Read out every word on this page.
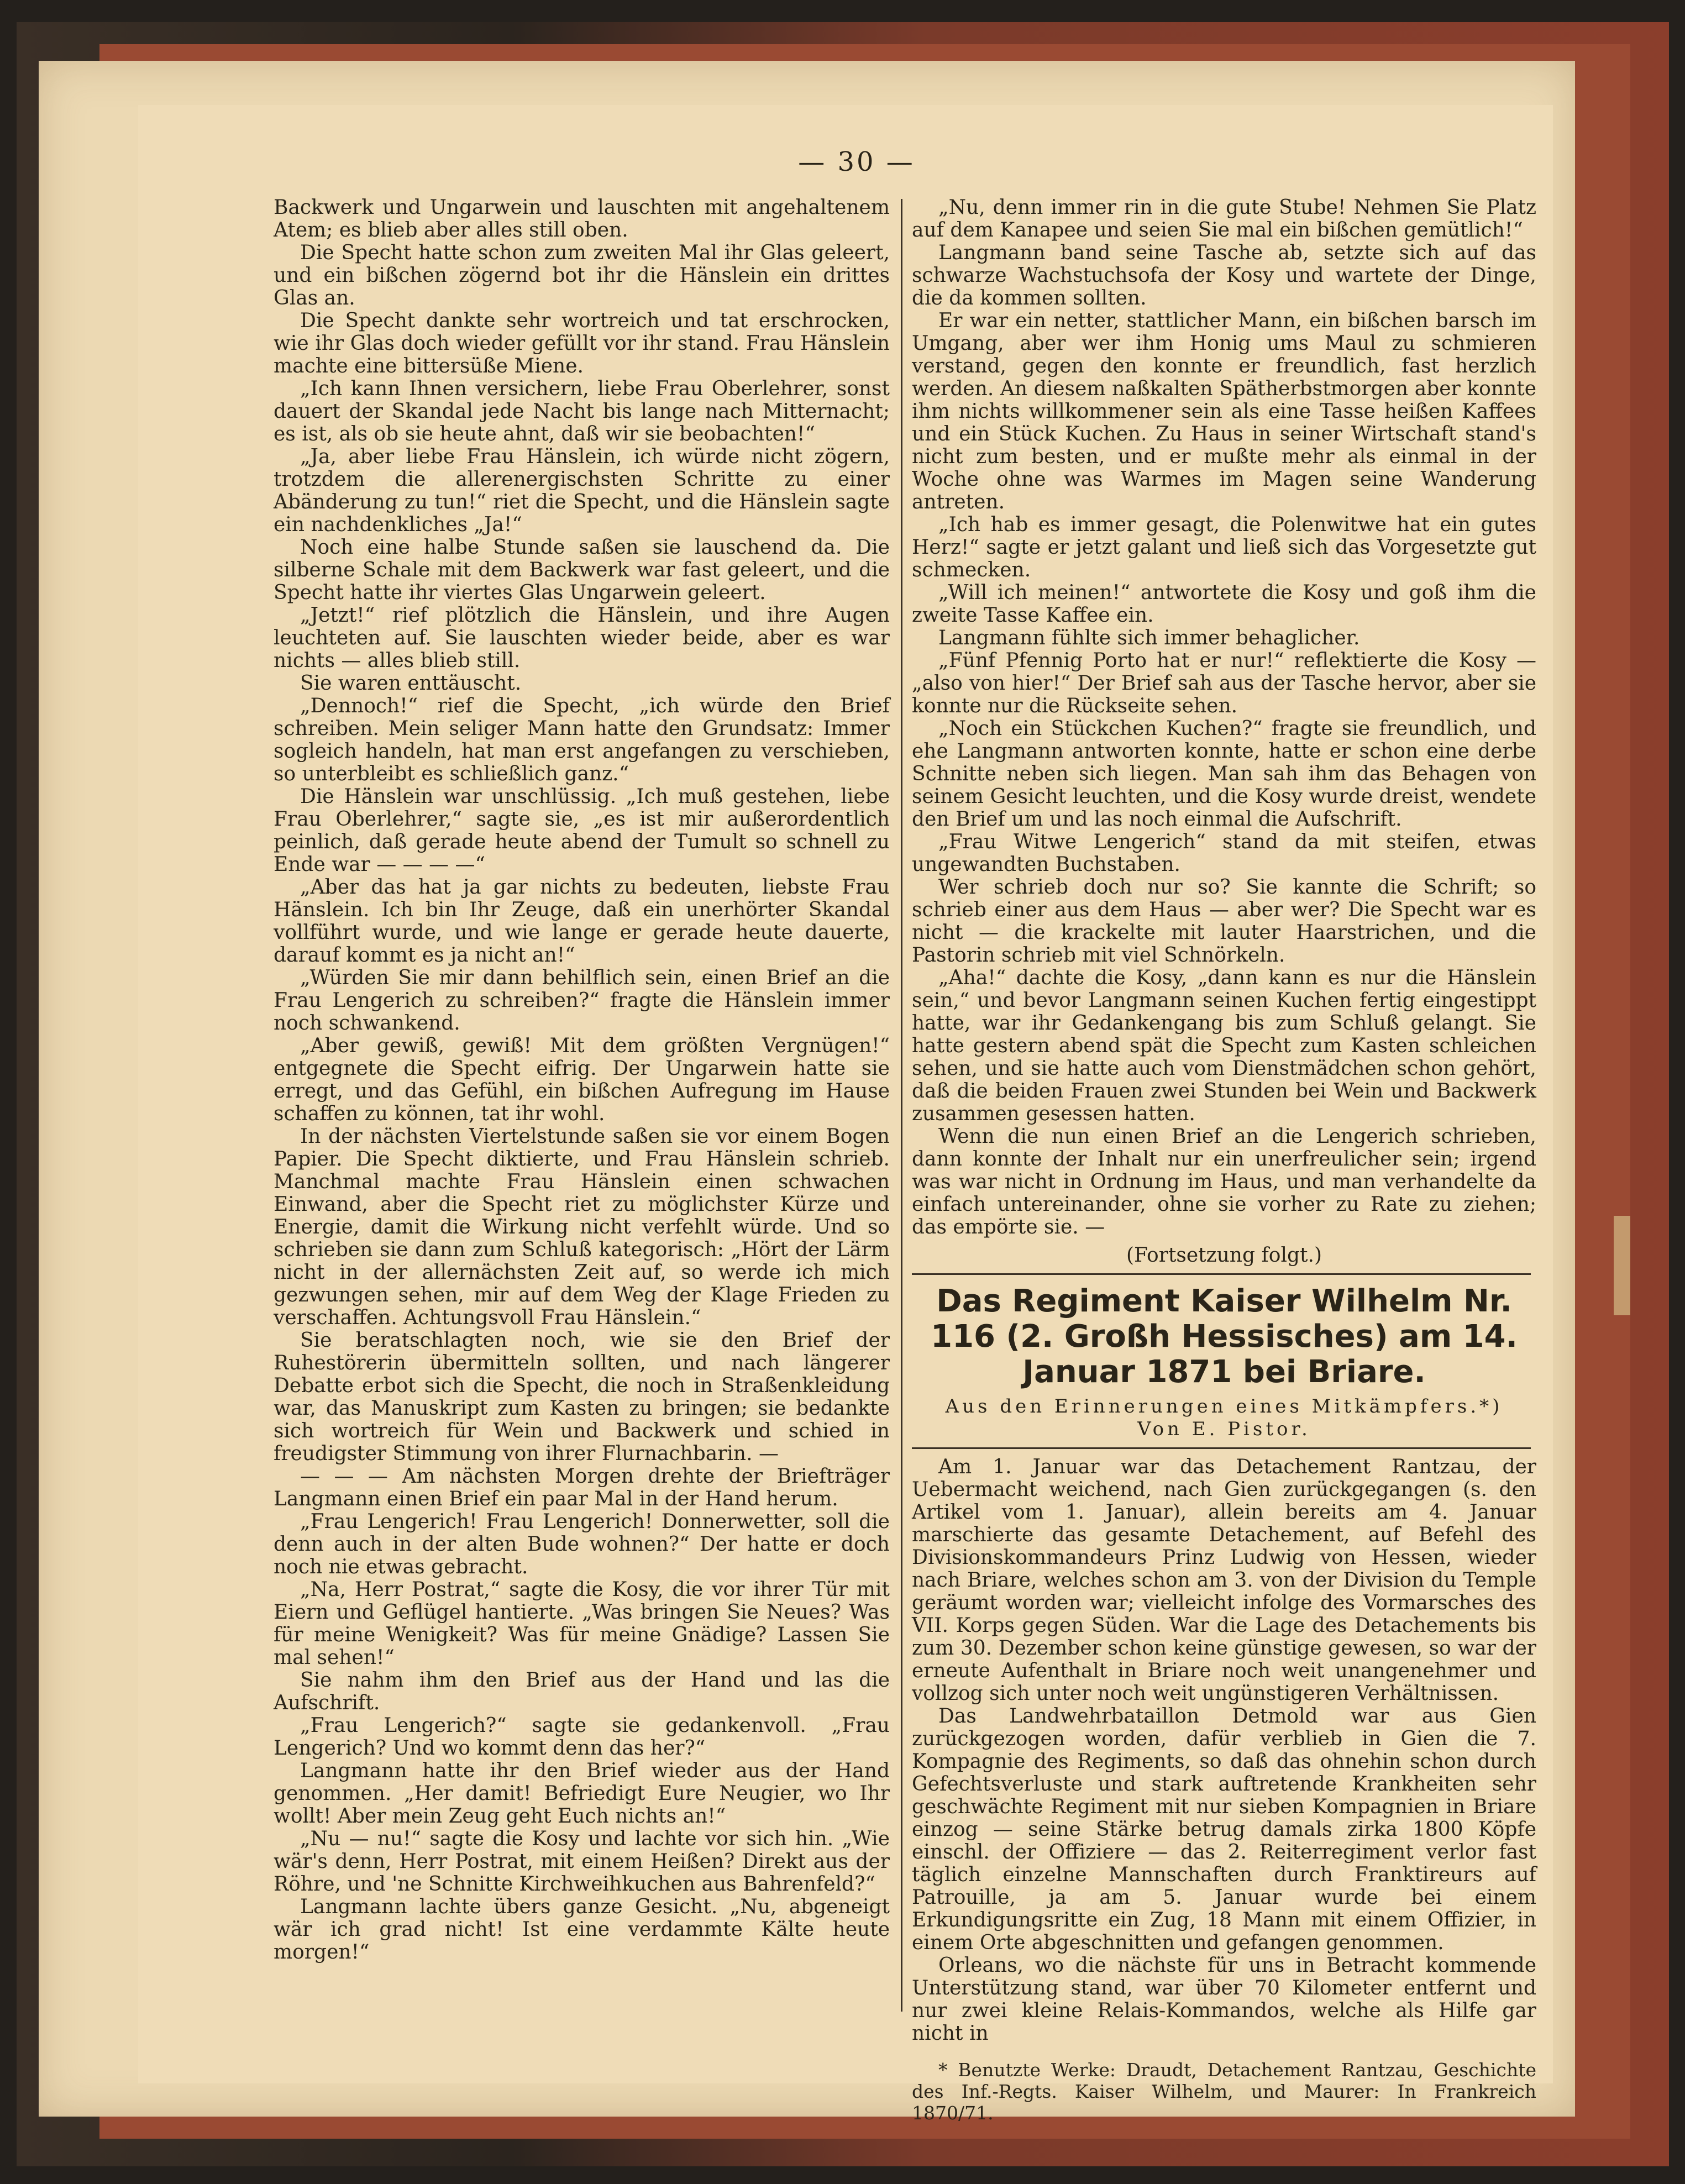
— 30 —

Backwerk und Ungarwein und lauschten mit angehaltenem Atem; es blieb aber alles still oben.

Die Specht hatte schon zum zweiten Mal ihr Glas geleert, und ein bißchen zögernd bot ihr die Hänslein ein drittes Glas an.

Die Specht dankte sehr wortreich und tat erschrocken, wie ihr Glas doch wieder gefüllt vor ihr stand. Frau Hänslein machte eine bittersüße Miene.

„Ich kann Ihnen versichern, liebe Frau Oberlehrer, sonst dauert der Skandal jede Nacht bis lange nach Mitternacht; es ist, als ob sie heute ahnt, daß wir sie beobachten!“

„Ja, aber liebe Frau Hänslein, ich würde nicht zögern, trotzdem die allerenergischsten Schritte zu einer Abänderung zu tun!“ riet die Specht, und die Hänslein sagte ein nachdenkliches „Ja!“

Noch eine halbe Stunde saßen sie lauschend da. Die silberne Schale mit dem Backwerk war fast geleert, und die Specht hatte ihr viertes Glas Ungarwein geleert.

„Jetzt!“ rief plötzlich die Hänslein, und ihre Augen leuchteten auf. Sie lauschten wieder beide, aber es war nichts — alles blieb still.

Sie waren enttäuscht.

„Dennoch!“ rief die Specht, „ich würde den Brief schreiben. Mein seliger Mann hatte den Grundsatz: Immer sogleich handeln, hat man erst angefangen zu verschieben, so unterbleibt es schließlich ganz.“

Die Hänslein war unschlüssig. „Ich muß gestehen, liebe Frau Oberlehrer,“ sagte sie, „es ist mir außerordentlich peinlich, daß gerade heute abend der Tumult so schnell zu Ende war — — — —“

„Aber das hat ja gar nichts zu bedeuten, liebste Frau Hänslein. Ich bin Ihr Zeuge, daß ein unerhörter Skandal vollführt wurde, und wie lange er gerade heute dauerte, darauf kommt es ja nicht an!“

„Würden Sie mir dann behilflich sein, einen Brief an die Frau Lengerich zu schreiben?“ fragte die Hänslein immer noch schwankend.

„Aber gewiß, gewiß! Mit dem größten Vergnügen!“ entgegnete die Specht eifrig. Der Ungarwein hatte sie erregt, und das Gefühl, ein bißchen Aufregung im Hause schaffen zu können, tat ihr wohl.

In der nächsten Viertelstunde saßen sie vor einem Bogen Papier. Die Specht diktierte, und Frau Hänslein schrieb. Manchmal machte Frau Hänslein einen schwachen Einwand, aber die Specht riet zu möglichster Kürze und Energie, damit die Wirkung nicht verfehlt würde. Und so schrieben sie dann zum Schluß kategorisch: „Hört der Lärm nicht in der allernächsten Zeit auf, so werde ich mich gezwungen sehen, mir auf dem Weg der Klage Frieden zu verschaffen. Achtungsvoll Frau Hänslein.“

Sie beratschlagten noch, wie sie den Brief der Ruhestörerin übermitteln sollten, und nach längerer Debatte erbot sich die Specht, die noch in Straßenkleidung war, das Manuskript zum Kasten zu bringen; sie bedankte sich wortreich für Wein und Backwerk und schied in freudigster Stimmung von ihrer Flurnachbarin. —

— — — Am nächsten Morgen drehte der Briefträger Langmann einen Brief ein paar Mal in der Hand herum.

„Frau Lengerich! Frau Lengerich! Donnerwetter, soll die denn auch in der alten Bude wohnen?“ Der hatte er doch noch nie etwas gebracht.

„Na, Herr Postrat,“ sagte die Kosy, die vor ihrer Tür mit Eiern und Geflügel hantierte. „Was bringen Sie Neues? Was für meine Wenigkeit? Was für meine Gnädige? Lassen Sie mal sehen!“

Sie nahm ihm den Brief aus der Hand und las die Aufschrift.

„Frau Lengerich?“ sagte sie gedankenvoll. „Frau Lengerich? Und wo kommt denn das her?“

Langmann hatte ihr den Brief wieder aus der Hand genommen. „Her damit! Befriedigt Eure Neugier, wo Ihr wollt! Aber mein Zeug geht Euch nichts an!“

„Nu — nu!“ sagte die Kosy und lachte vor sich hin. „Wie wär's denn, Herr Postrat, mit einem Heißen? Direkt aus der Röhre, und 'ne Schnitte Kirchweihkuchen aus Bahrenfeld?“

Langmann lachte übers ganze Gesicht. „Nu, abgeneigt wär ich grad nicht! Ist eine verdammte Kälte heute morgen!“

„Nu, denn immer rin in die gute Stube! Nehmen Sie Platz auf dem Kanapee und seien Sie mal ein bißchen gemütlich!“

Langmann band seine Tasche ab, setzte sich auf das schwarze Wachstuchsofa der Kosy und wartete der Dinge, die da kommen sollten.

Er war ein netter, stattlicher Mann, ein bißchen barsch im Umgang, aber wer ihm Honig ums Maul zu schmieren verstand, gegen den konnte er freundlich, fast herzlich werden. An diesem naßkalten Spätherbstmorgen aber konnte ihm nichts willkommener sein als eine Tasse heißen Kaffees und ein Stück Kuchen. Zu Haus in seiner Wirtschaft stand's nicht zum besten, und er mußte mehr als einmal in der Woche ohne was Warmes im Magen seine Wanderung antreten.

„Ich hab es immer gesagt, die Polenwitwe hat ein gutes Herz!“ sagte er jetzt galant und ließ sich das Vorgesetzte gut schmecken.

„Will ich meinen!“ antwortete die Kosy und goß ihm die zweite Tasse Kaffee ein.

Langmann fühlte sich immer behaglicher.

„Fünf Pfennig Porto hat er nur!“ reflektierte die Kosy — „also von hier!“ Der Brief sah aus der Tasche hervor, aber sie konnte nur die Rückseite sehen.

„Noch ein Stückchen Kuchen?“ fragte sie freundlich, und ehe Langmann antworten konnte, hatte er schon eine derbe Schnitte neben sich liegen. Man sah ihm das Behagen von seinem Gesicht leuchten, und die Kosy wurde dreist, wendete den Brief um und las noch einmal die Aufschrift.

„Frau Witwe Lengerich“ stand da mit steifen, etwas ungewandten Buchstaben.

Wer schrieb doch nur so? Sie kannte die Schrift; so schrieb einer aus dem Haus — aber wer? Die Specht war es nicht — die krackelte mit lauter Haarstrichen, und die Pastorin schrieb mit viel Schnörkeln.

„Aha!“ dachte die Kosy, „dann kann es nur die Hänslein sein,“ und bevor Langmann seinen Kuchen fertig eingestippt hatte, war ihr Gedankengang bis zum Schluß gelangt. Sie hatte gestern abend spät die Specht zum Kasten schleichen sehen, und sie hatte auch vom Dienstmädchen schon gehört, daß die beiden Frauen zwei Stunden bei Wein und Backwerk zusammen gesessen hatten.

Wenn die nun einen Brief an die Lengerich schrieben, dann konnte der Inhalt nur ein unerfreulicher sein; irgend was war nicht in Ordnung im Haus, und man verhandelte da einfach untereinander, ohne sie vorher zu Rate zu ziehen; das empörte sie. —

(Fortsetzung folgt.)

Das Regiment Kaiser Wilhelm Nr. 116 (2. Großh Hessisches) am 14. Januar 1871 bei Briare.
Aus den Erinnerungen eines Mitkämpfers.*)
Von E. Pistor.

Am 1. Januar war das Detachement Rantzau, der Uebermacht weichend, nach Gien zurückgegangen (s. den Artikel vom 1. Januar), allein bereits am 4. Januar marschierte das gesamte Detachement, auf Befehl des Divisionskommandeurs Prinz Ludwig von Hessen, wieder nach Briare, welches schon am 3. von der Division du Temple geräumt worden war; vielleicht infolge des Vormarsches des VII. Korps gegen Süden. War die Lage des Detachements bis zum 30. Dezember schon keine günstige gewesen, so war der erneute Aufenthalt in Briare noch weit unangenehmer und vollzog sich unter noch weit ungünstigeren Verhältnissen.

Das Landwehrbataillon Detmold war aus Gien zurückgezogen worden, dafür verblieb in Gien die 7. Kompagnie des Regiments, so daß das ohnehin schon durch Gefechtsverluste und stark auftretende Krankheiten sehr geschwächte Regiment mit nur sieben Kompagnien in Briare einzog — seine Stärke betrug damals zirka 1800 Köpfe einschl. der Offiziere — das 2. Reiterregiment verlor fast täglich einzelne Mannschaften durch Franktireurs auf Patrouille, ja am 5. Januar wurde bei einem Erkundigungsritte ein Zug, 18 Mann mit einem Offizier, in einem Orte abgeschnitten und gefangen genommen.

Orleans, wo die nächste für uns in Betracht kommende Unterstützung stand, war über 70 Kilometer entfernt und nur zwei kleine Relais-Kommandos, welche als Hilfe gar nicht in

* Benutzte Werke: Draudt, Detachement Rantzau, Geschichte des Inf.-Regts. Kaiser Wilhelm, und Maurer: In Frankreich 1870/71.
